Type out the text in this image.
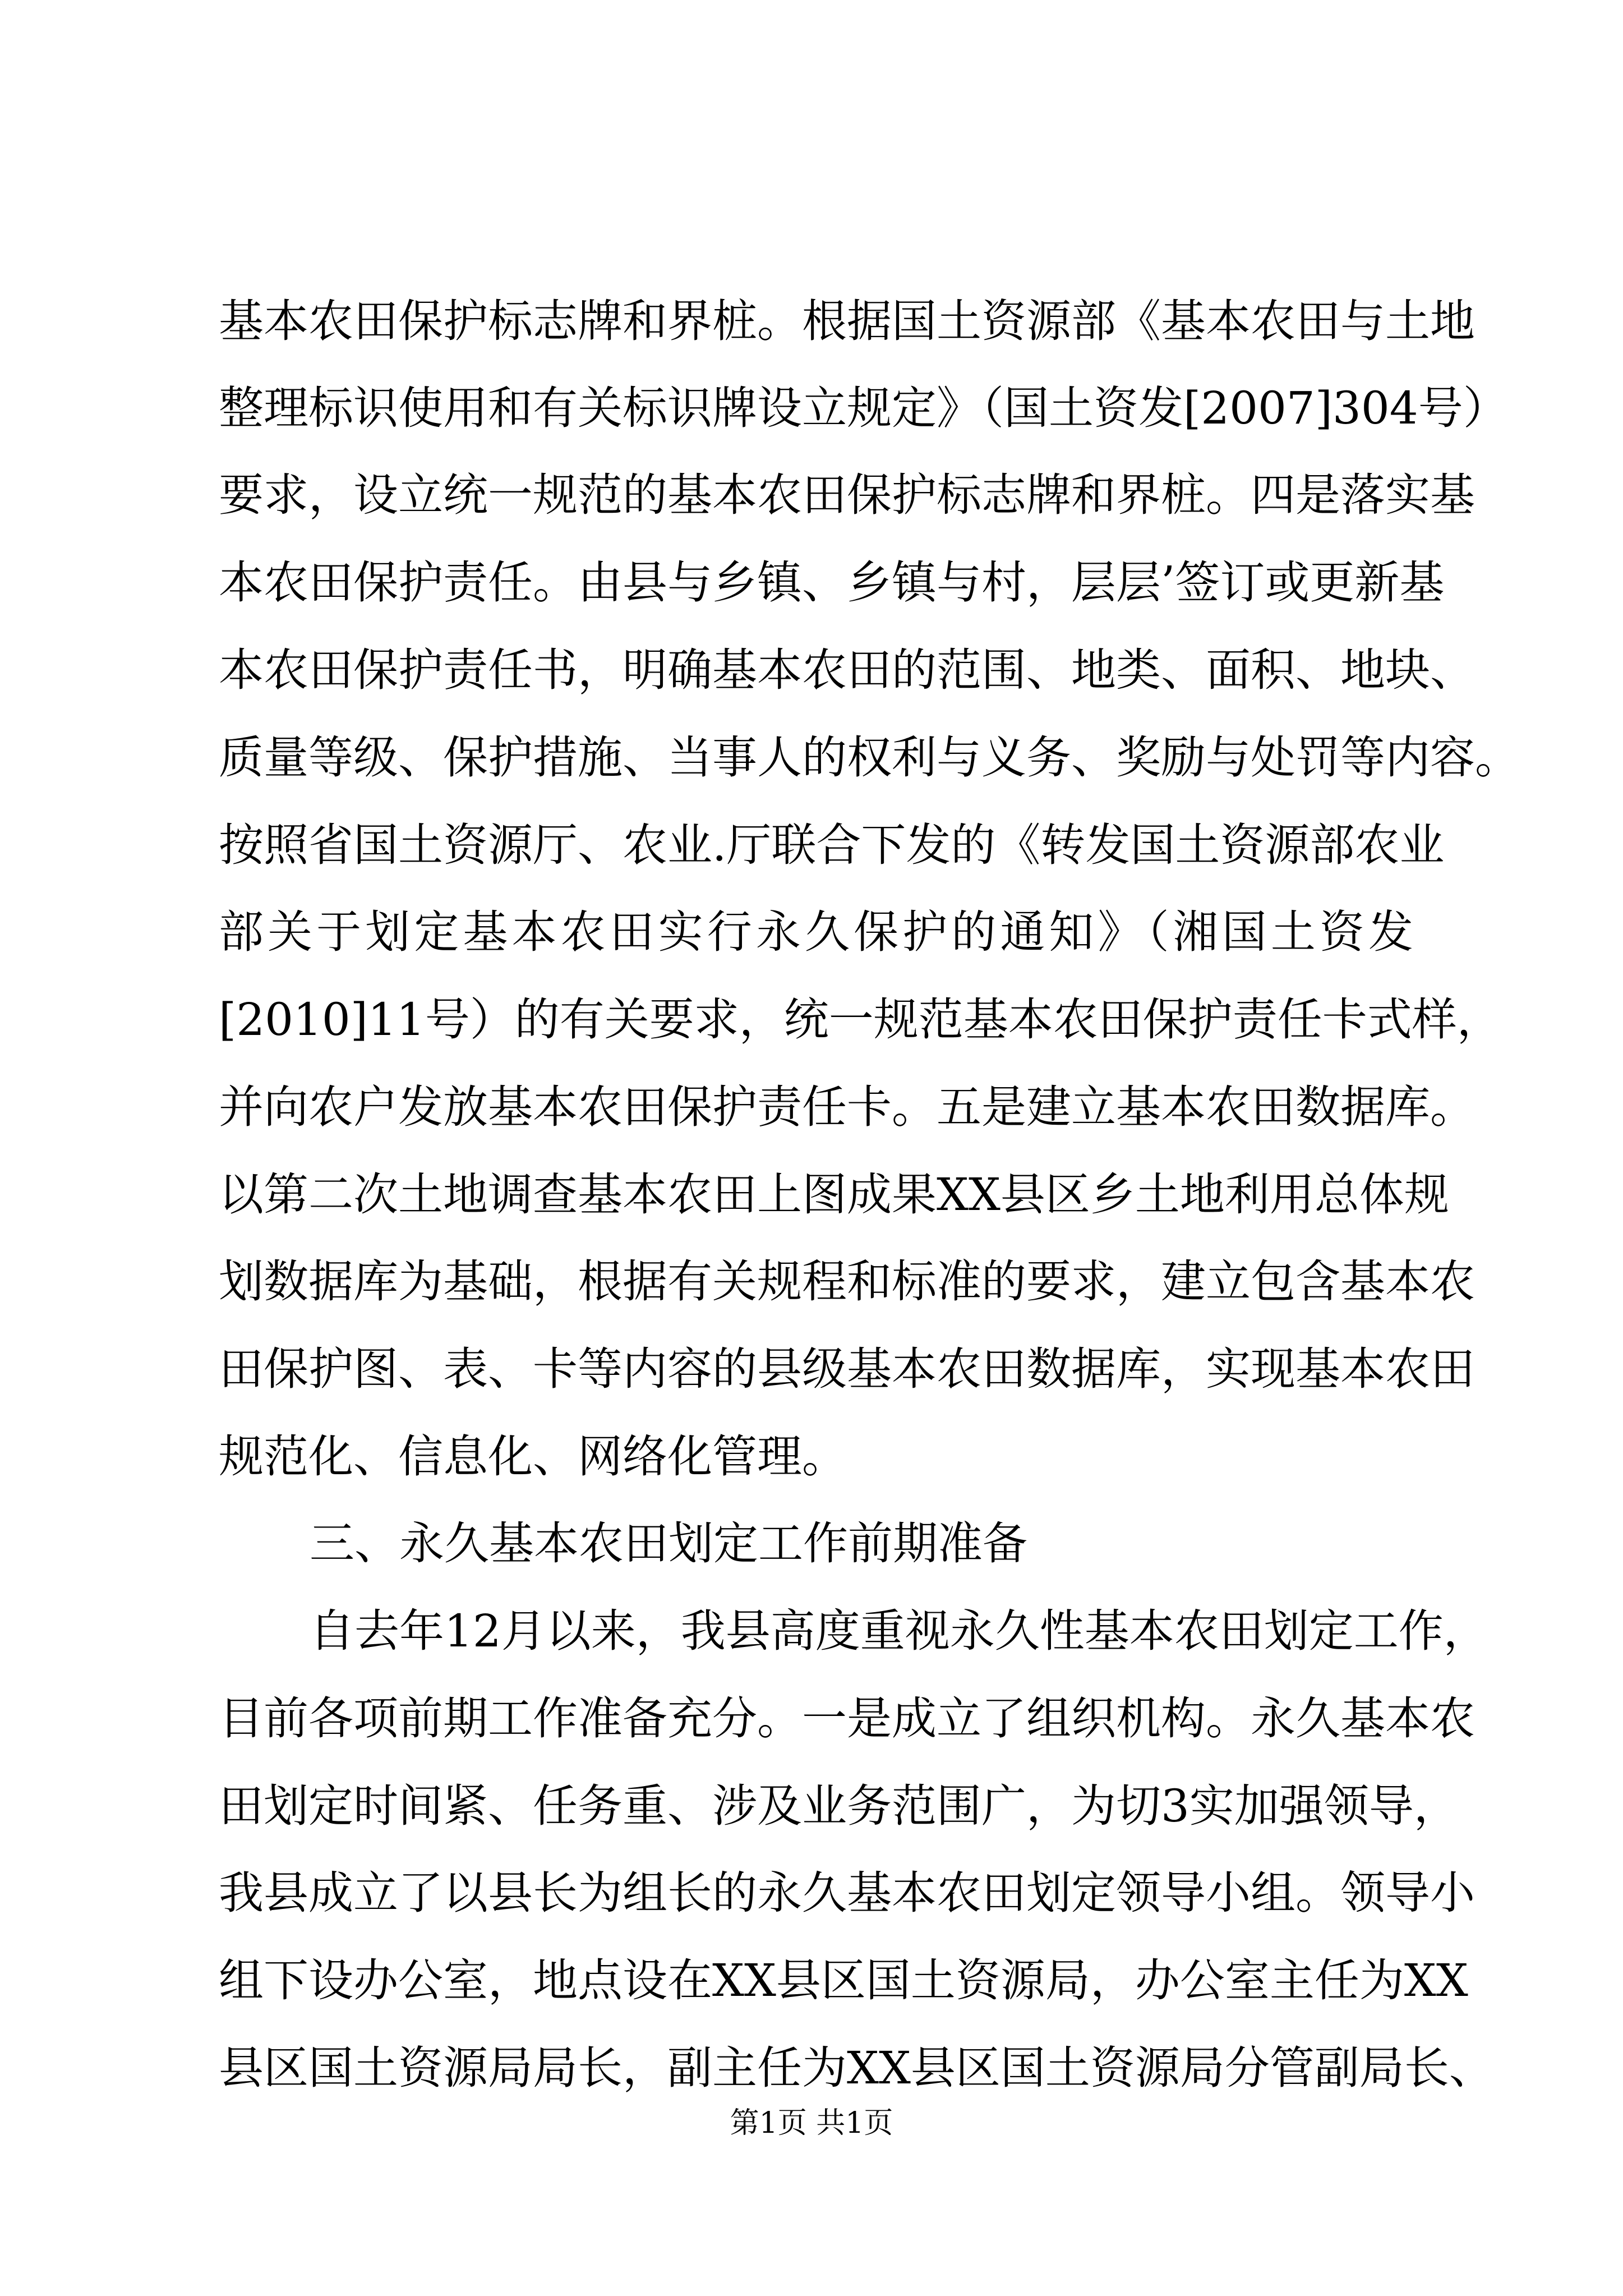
基本农田保护标志牌和界桩。根据国土资源部《基本农田与土地
整理标识使用和有关标识牌设立规定》（国土资发[2007]304号）
要求，设立统一规范的基本农田保护标志牌和界桩。四是落实基
本农田保护责任。由县与乡镇、乡镇与村，层层’签订或更新基
本农田保护责任书，明确基本农田的范围、地类、面积、地块、
质量等级、保护措施、当事人的权利与义务、奖励与处罚等内容。
按照省国土资源厅、农业.厅联合下发的《转发国土资源部农业
部关于划定基本农田实行永久保护的通知》（湘国土资发
[2010]11号）的有关要求，统一规范基本农田保护责任卡式样，
并向农户发放基本农田保护责任卡。五是建立基本农田数据库。
以第二次土地调查基本农田上图成果XX县区乡土地利用总体规
划数据库为基础，根据有关规程和标准的要求，建立包含基本农
田保护图、表、卡等内容的县级基本农田数据库，实现基本农田
规范化、信息化、网络化管理。
三、永久基本农田划定工作前期准备
自去年12月以来，我县高度重视永久性基本农田划定工作，
目前各项前期工作准备充分。一是成立了组织机构。永久基本农
田划定时间紧、任务重、涉及业务范围广，为切3实加强领导，
我县成立了以县长为组长的永久基本农田划定领导小组。领导小
组下设办公室，地点设在XX县区国土资源局，办公室主任为XX
县区国土资源局局长，副主任为XX县区国土资源局分管副局长、
第1页 共1页
